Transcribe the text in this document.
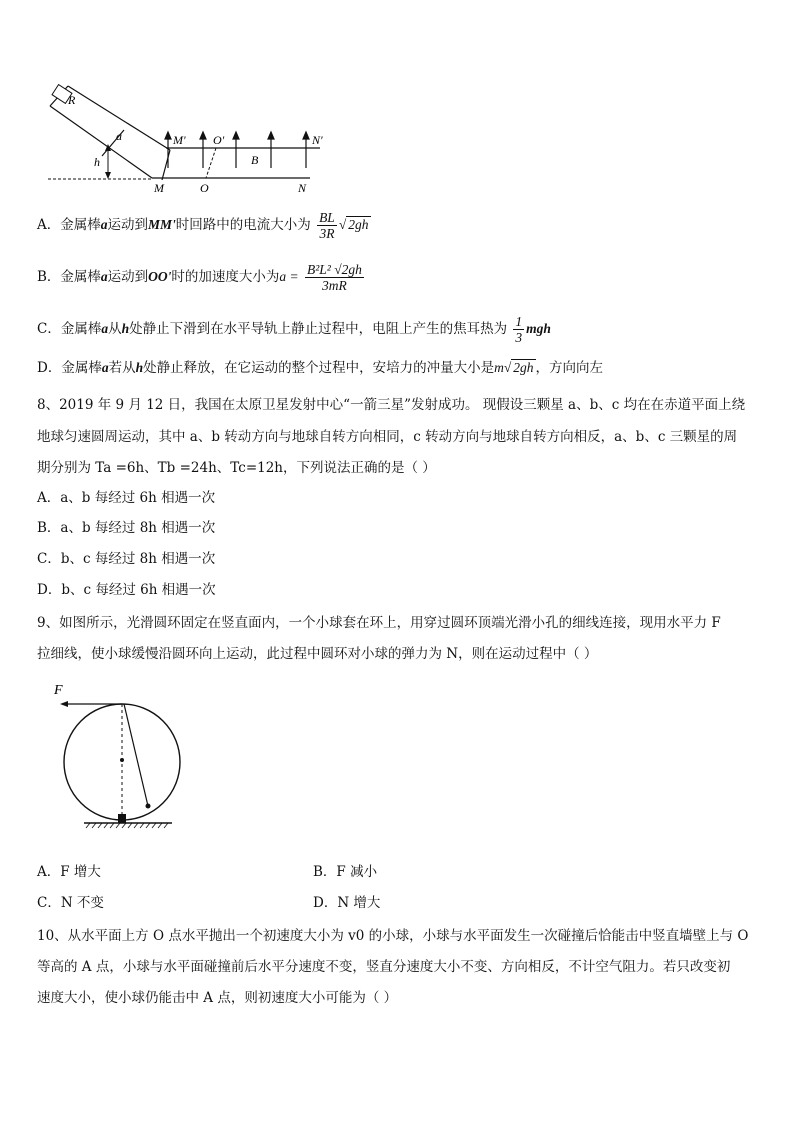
R
a
h
M' O'	N'
B
M	O	N
A．金属棒a运动到MM'时回路中的电流大小为 $\frac{BL}{3R}$ √ 2gh
B．金属棒a运动到OO'时的加速度大小为$a = \frac{\text{B²L² √2gh}}{3mR}$
C．金属棒a从h处静止下滑到在水平导轨上静止过程中，电阻上产生的焦耳热为 $\frac{1}{3}$ mgh
D．金属棒a若从h处静止释放，在它运动的整个过程中，安培力的冲量大小是m√ 2gh ，方向向左
8、2019 年 9 月 12 日，我国在太原卫星发射中心“一箭三星”发射成功。 现假设三颗星 a、b、c 均在在赤道平面上绕
地球匀速圆周运动，其中 a、b 转动方向与地球自转方向相同，c 转动方向与地球自转方向相反，a、b、c 三颗星的周
期分别为 Ta =6h、Tb =24h、Tc=12h，下列说法正确的是（ ）
A．a、b 每经过 6h 相遇一次
B．a、b 每经过 8h 相遇一次
C．b、c 每经过 8h 相遇一次
D．b、c 每经过 6h 相遇一次
9、如图所示，光滑圆环固定在竖直面内，一个小球套在环上，用穿过圆环顶端光滑小孔的细线连接，现用水平力 F
拉细线，使小球缓慢沿圆环向上运动，此过程中圆环对小球的弹力为 N，则在运动过程中（ ）
F
A．F 增大	B．F 减小
C．N 不变	D．N 增大
10、从水平面上方 O 点水平抛出一个初速度大小为 v0 的小球，小球与水平面发生一次碰撞后恰能击中竖直墙壁上与 O
等高的 A 点，小球与水平面碰撞前后水平分速度不变，竖直分速度大小不变、方向相反，不计空气阻力。若只改变初
速度大小，使小球仍能击中 A 点，则初速度大小可能为（ ）
